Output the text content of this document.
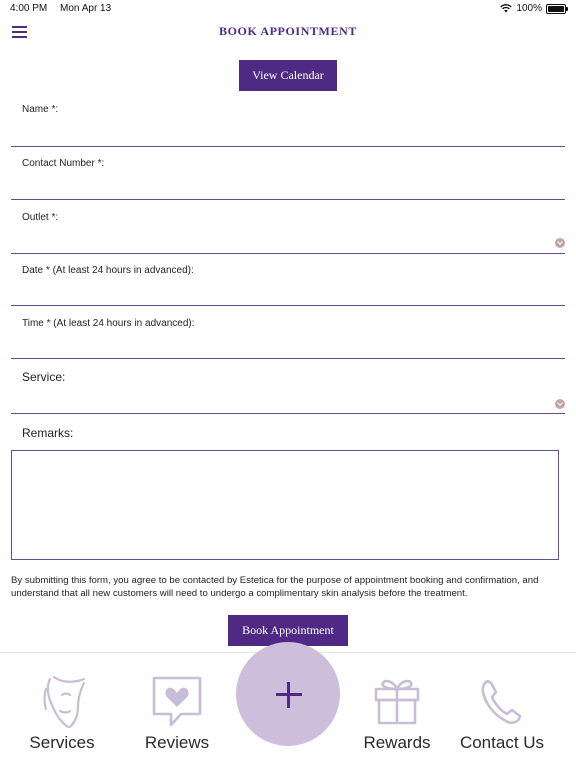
4:00 PM Mon Apr 13	100%
BOOK APPOINTMENT
View Calendar
Name *:
Contact Number *:
Outlet *:
Date * (At least 24 hours in advanced):
Time * (At least 24 hours in advanced):
Service:
Remarks:
By submitting this form, you agree to be contacted by Estetica for the purpose of appointment booking and confirmation, and understand that all new customers will need to undergo a complimentary skin analysis before the treatment.
Book Appointment
Services	Reviews	Rewards	Contact Us
